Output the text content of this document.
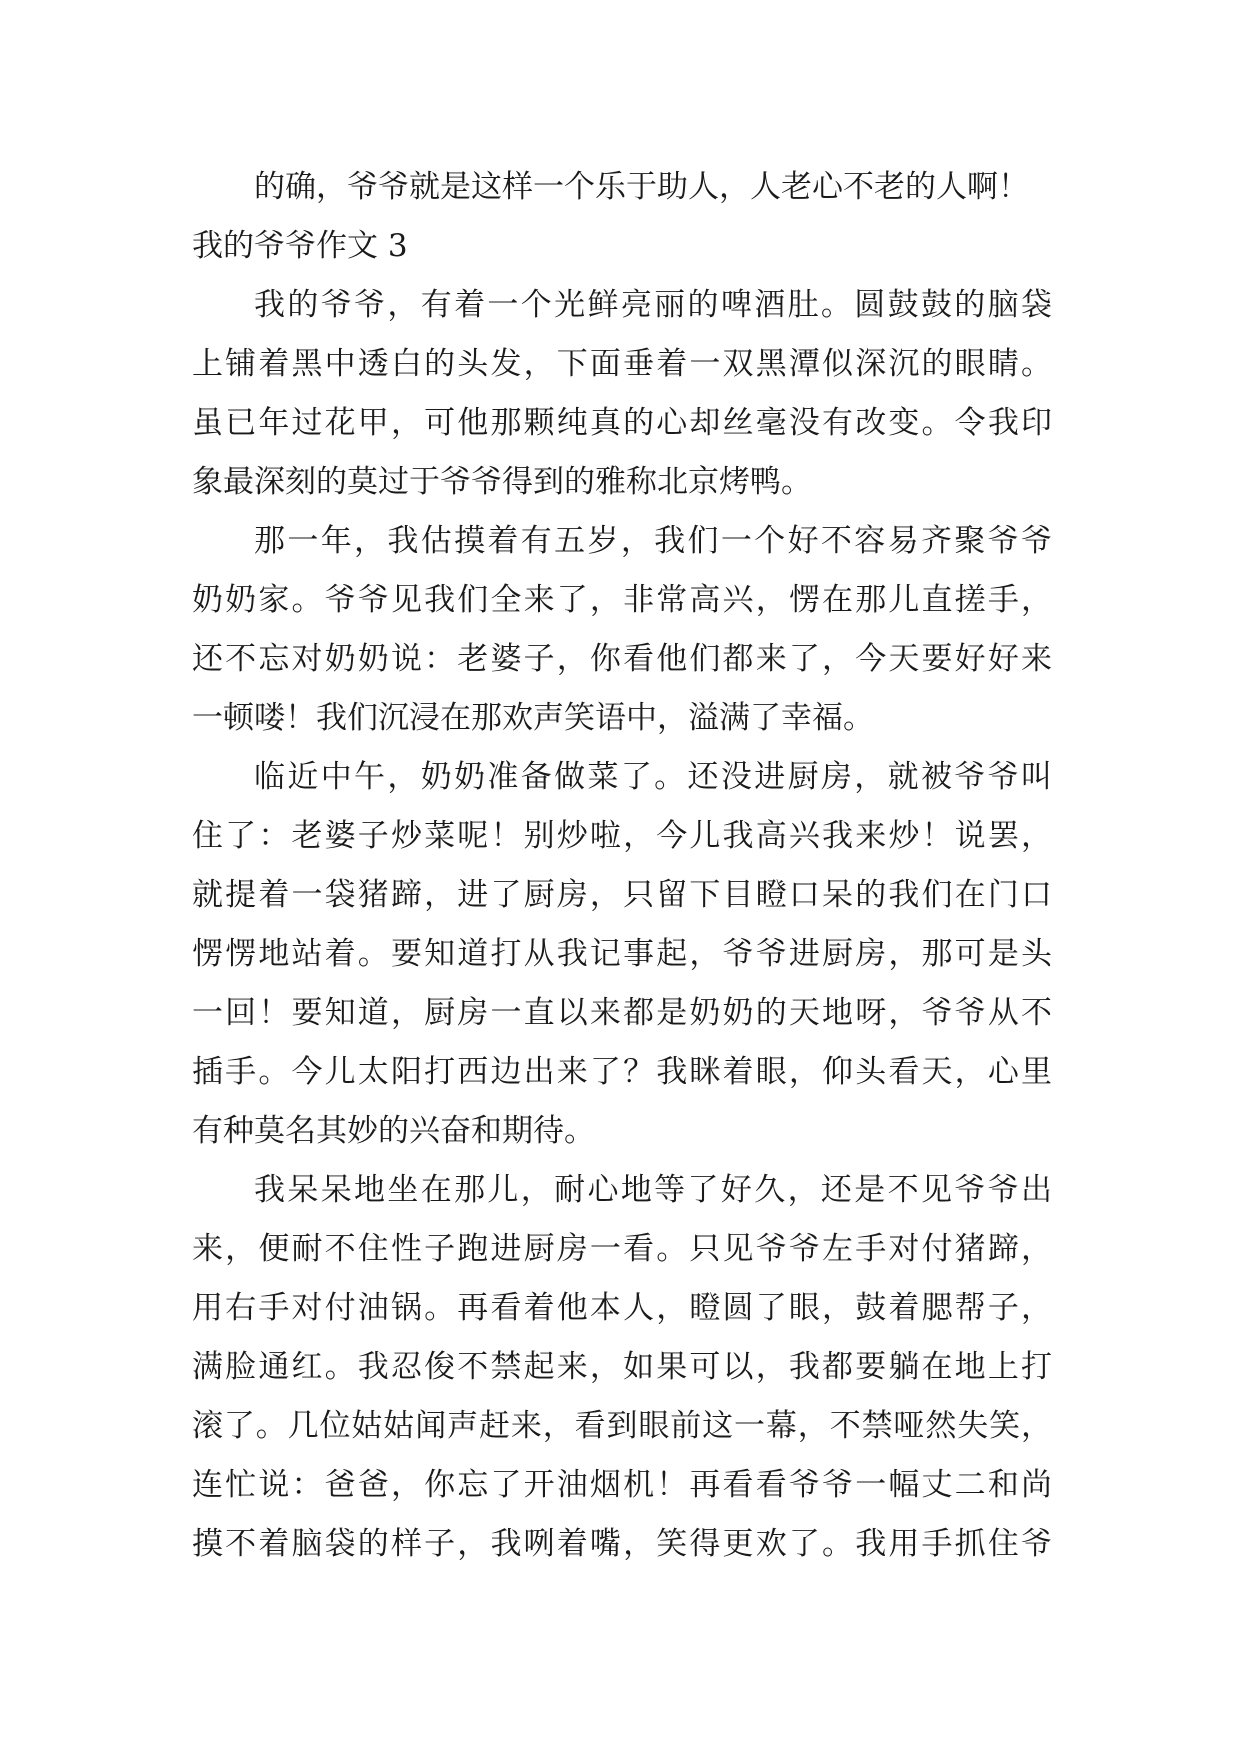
的确，爷爷就是这样一个乐于助人，人老心不老的人啊！
我的爷爷作文 3
我的爷爷，有着一个光鲜亮丽的啤酒肚。圆鼓鼓的脑袋
上铺着黑中透白的头发，下面垂着一双黑潭似深沉的眼睛。
虽已年过花甲，可他那颗纯真的心却丝毫没有改变。令我印
象最深刻的莫过于爷爷得到的雅称北京烤鸭。
那一年，我估摸着有五岁，我们一个好不容易齐聚爷爷
奶奶家。爷爷见我们全来了，非常高兴，愣在那儿直搓手，
还不忘对奶奶说：老婆子，你看他们都来了，今天要好好来
一顿喽！我们沉浸在那欢声笑语中，溢满了幸福。
临近中午，奶奶准备做菜了。还没进厨房，就被爷爷叫
住了：老婆子炒菜呢！别炒啦，今儿我高兴我来炒！说罢，
就提着一袋猪蹄，进了厨房，只留下目瞪口呆的我们在门口
愣愣地站着。要知道打从我记事起，爷爷进厨房，那可是头
一回！要知道，厨房一直以来都是奶奶的天地呀，爷爷从不
插手。今儿太阳打西边出来了？我眯着眼，仰头看天，心里
有种莫名其妙的兴奋和期待。
我呆呆地坐在那儿，耐心地等了好久，还是不见爷爷出
来，便耐不住性子跑进厨房一看。只见爷爷左手对付猪蹄，
用右手对付油锅。再看着他本人，瞪圆了眼，鼓着腮帮子，
满脸通红。我忍俊不禁起来，如果可以，我都要躺在地上打
滚了。几位姑姑闻声赶来，看到眼前这一幕，不禁哑然失笑，
连忙说：爸爸，你忘了开油烟机！再看看爷爷一幅丈二和尚
摸不着脑袋的样子，我咧着嘴，笑得更欢了。我用手抓住爷
